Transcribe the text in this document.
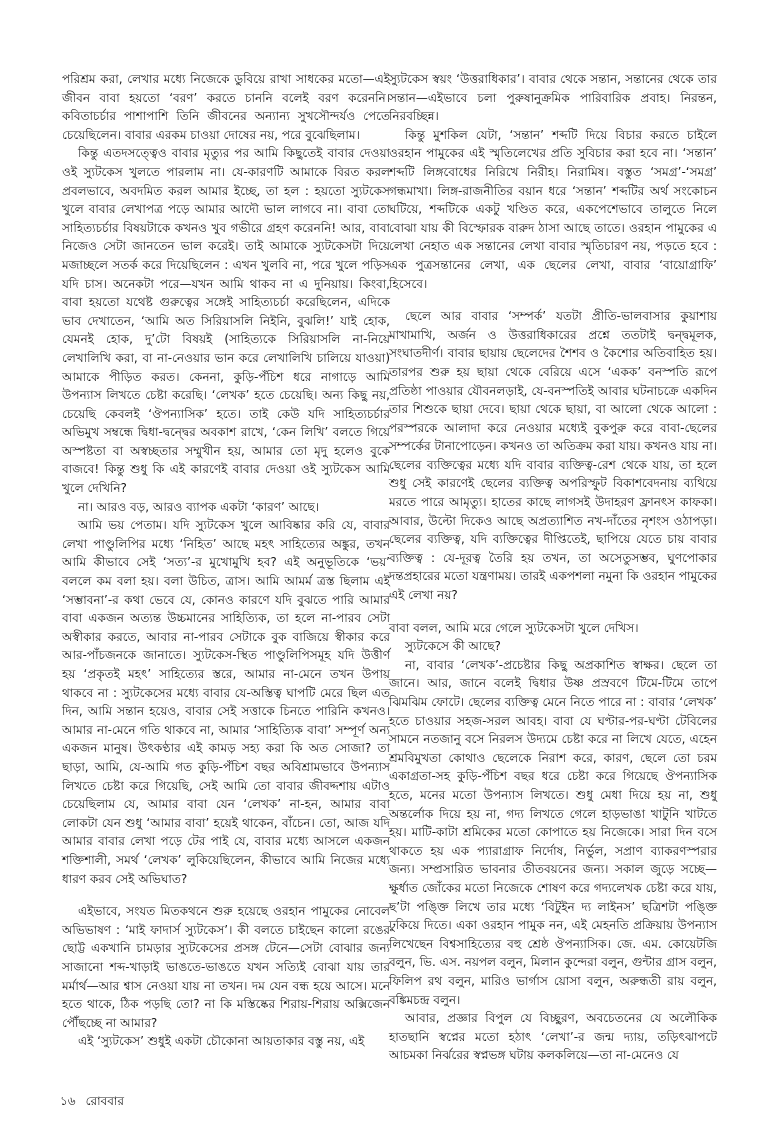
পরিশ্রম করা, লেখার মধ্যে নিজেকে ডুবিয়ে রাখা সাধকের মতো—এই জীবন বাবা হয়তো ‘বরণ’ করতে চাননি বলেই বরণ করেননি। কবিতাচর্চার পাশাপাশি তিনি জীবনের অন্যান্য সুখসৌন্দর্যও পেতে চেয়েছিলেন। বাবার এরকম চাওয়া দোষের নয়, পরে বুঝেছিলাম।

কিন্তু এতদসত্ত্বেও বাবার মৃত্যুর পর আমি কিছুতেই বাবার দেওয়া ওই স্যুটকেস খুলতে পারলাম না। যে-কারণটি আমাকে বিরত করল প্রবলভাবে, অবদমিত করল আমার ইচ্ছে, তা হল : হয়তো স্যুটকেস খুলে বাবার লেখাপত্র পড়ে আমার আদৌ ভাল লাগবে না। বাবা তো সাহিত্যচর্চার বিষয়টাকে কখনও খুব গভীরে গ্রহণ করেননি! আর, বাবা নিজেও সেটা জানতেন ভাল করেই। তাই আমাকে স্যুটকেসটা দিয়ে মজাচ্ছলে সতর্ক করে দিয়েছিলেন : এখন খুলবি না, পরে খুলে পড়িস যদি চাস। অনেকটা পরে—যখন আমি থাকব না এ দুনিয়ায়। কিংবা, বাবা হয়তো যথেষ্ট গুরুত্বের সঙ্গেই সাহিত্যচর্চা করেছিলেন, এদিকে ভাব দেখাতেন, ‘আমি অত সিরিয়াসলি নিইনি, বুঝলি!’ যাই হোক, যেমনই হোক, দু’টো বিষয়ই (সাহিত্যকে সিরিয়াসলি না-নিয়ে লেখালিখি করা, বা না-নেওয়ার ভান করে লেখালিখি চালিয়ে যাওয়া) আমাকে পীড়িত করত। কেননা, কুড়ি-পঁচিশ ধরে নাগাড়ে আমি উপন্যাস লিখতে চেষ্টা করেছি। ‘লেখক’ হতে চেয়েছি। অন্য কিছু নয়, চেয়েছি কেবলই ‘ঔপন্যাসিক’ হতে। তাই কেউ যদি সাহিত্যচর্চার অভিমুখ সম্বন্ধে দ্বিধা-দ্বন্দ্বের অবকাশ রাখে, ‘কেন লিখি’ বলতে গিয়ে অস্পষ্টতা বা অস্বচ্ছতার সম্মুখীন হয়, আমার তো মৃদু হলেও বুকে বাজবে! কিন্তু শুধু কি এই কারণেই বাবার দেওয়া ওই স্যুটকেস আমি খুলে দেখিনি?

না। আরও বড়, আরও ব্যাপক একটা ‘কারণ’ আছে।

আমি ভয় পেতাম। যদি স্যুটকেস খুলে আবিষ্কার করি যে, বাবার লেখা পাণ্ডুলিপির মধ্যে ‘নিহিত’ আছে মহৎ সাহিত্যের অঙ্কুর, তখন আমি কীভাবে সেই ‘সত্য’-র মুখোমুখি হব? এই অনুভূতিকে ‘ভয়’ বললে কম বলা হয়। বলা উচিত, ত্রাস। আমি আমর্ম ত্রস্ত ছিলাম এই ‘সম্ভাবনা’-র কথা ভেবে যে, কোনও কারণে যদি বুঝতে পারি আমার বাবা একজন অত্যন্ত উচ্চমানের সাহিত্যিক, তা হলে না-পারব সেটা অস্বীকার করতে, আবার না-পারব সেটাকে বুক বাজিয়ে স্বীকার করে আর-পাঁচজনকে জানাতে। স্যুটকেস-স্থিত পাণ্ডুলিপিসমূহ যদি উত্তীর্ণ হয় ‘প্রকৃতই মহৎ’ সাহিত্যের স্তরে, আমার না-মেনে তখন উপায় থাকবে না : স্যুটকেসের মধ্যে বাবার যে-অস্তিত্ব ঘাপটি মেরে ছিল এত দিন, আমি সন্তান হয়েও, বাবার সেই সত্তাকে চিনতে পারিনি কখনও। আমার না-মেনে গতি থাকবে না, আমার ‘সাহিত্যিক বাবা’ সম্পূর্ণ অন্য একজন মানুষ। উৎকণ্ঠার এই কামড় সহ্য করা কি অত সোজা? তা ছাড়া, আমি, যে-আমি গত কুড়ি-পঁচিশ বছর অবিশ্রামভাবে উপন্যাস লিখতে চেষ্টা করে গিয়েছি, সেই আমি তো বাবার জীবদ্দশায় এটাও চেয়েছিলাম যে, আমার বাবা যেন ‘লেখক’ না-হন, আমার বাবা লোকটা যেন শুধু ‘আমার বাবা’ হয়েই থাকেন, বাঁচেন। তো, আজ যদি আমার বাবার লেখা পড়ে টের পাই যে, বাবার মধ্যে আসলে একজন শক্তিশালী, সমর্থ ‘লেখক’ লুকিয়েছিলেন, কীভাবে আমি নিজের মধ্যে ধারণ করব সেই অভিঘাত?

এইভাবে, সংযত মিতকথনে শুরু হয়েছে ওরহান পামুকের নোবেল অভিভাষণ : ‘মাই ফাদার্স স্যুটকেস’। কী বলতে চাইছেন কালো রঙের ছোট্ট একখানি চামড়ার স্যুটকেসের প্রসঙ্গ টেনে—সেটা বোঝার জন্য সাজানো শব্দ-খাড়াই ভাঙতে-ভাঙতে যখন সত্যিই বোঝা যায় তার মর্মার্থ—আর শ্বাস নেওয়া যায় না তখন। দম যেন বন্ধ হয়ে আসে। মনে হতে থাকে, ঠিক পড়ছি তো? না কি মস্তিষ্কের শিরায়-শিরায় অক্সিজেন পৌঁছচ্ছে না আমার?

এই ‘স্যুটকেস’ শুধুই একটা চৌকোনা আয়তাকার বস্তু নয়, এই

স্যুটকেস স্বয়ং ‘উত্তরাধিকার’। বাবার থেকে সন্তান, সন্তানের থেকে তার সন্তান—এইভাবে চলা পুরুষানুক্রমিক পারিবারিক প্রবাহ। নিরন্তন, নিরবচ্ছিন্ন।

কিন্তু মুশকিল যেটা, ‘সন্তান’ শব্দটি দিয়ে বিচার করতে চাইলে ওরহান পামুকের এই স্মৃতিলেখের প্রতি সুবিচার করা হবে না। ‘সন্তান’ শব্দটি লিঙ্গবোধের নিরিখে নিরীহ। নিরামিষ। বস্তুত ‘সমগ্র’-‘সমগ্র’ গন্ধমাখা। লিঙ্গ-রাজনীতির বয়ান ধরে ‘সন্তান’ শব্দটির অর্থ সংকোচন ঘটিয়ে, শব্দটিকে একটু খণ্ডিত করে, একপেশেভাবে তালুতে নিলে বোঝা যায় কী বিস্ফোরক বারুদ ঠাসা আছে তাতে। ওরহান পামুকের এ লেখা নেহাত এক সন্তানের লেখা বাবার স্মৃতিচারণ নয়, পড়তে হবে : এক পুত্রসন্তানের লেখা, এক ছেলের লেখা, বাবার ‘বায়োগ্রাফি’ হিসেবে।

ছেলে আর বাবার ‘সম্পর্ক’ যতটা প্রীতি-ভালবাসার কুয়াশায় মাখামাখি, অর্জন ও উত্তরাধিকারের প্রশ্নে ততটাই দ্বন্দ্বমূলক, সংঘাতদীর্ণ। বাবার ছায়ায় ছেলেদের শৈশব ও কৈশোর অতিবাহিত হয়। তারপর শুরু হয় ছায়া থেকে বেরিয়ে এসে ‘একক’ বনস্পতি রূপে প্রতিষ্ঠা পাওয়ার যৌবনলড়াই, যে-বনস্পতিই আবার ঘটনাচক্রে একদিন তার শিশুকে ছায়া দেবে। ছায়া থেকে ছায়া, বা আলো থেকে আলো : পরস্পরকে আলাদা করে নেওয়ার মধ্যেই বুকপুরু করে বাবা-ছেলের সম্পর্কের টানাপোড়েন। কখনও তা অতিক্রম করা যায়। কখনও যায় না। ছেলের ব্যক্তিত্বের মধ্যে যদি বাবার ব্যক্তিত্ব-রেশ থেকে যায়, তা হলে শুধু সেই কারণেই ছেলের ব্যক্তিত্ব অপরিস্ফুট বিকাশবেদনায় ব্যথিয়ে মরতে পারে আমৃত্যু। হাতের কাছে লাগসই উদাহরণ ফ্রানৎস কাফকা। আবার, উল্টো দিকেও আছে অপ্রত্যাশিত নখ-দাঁতের নৃশংস ওঠাপড়া। ছেলের ব্যক্তিত্ব, যদি ব্যক্তিত্বের দীপ্তিতেই, ছাপিয়ে যেতে চায় বাবার ব্যক্তিত্ব : যে-দূরত্ব তৈরি হয় তখন, তা অসেতুসম্ভব, ঘুণপোকার দন্তপ্রহারের মতো যন্ত্রণাময়। তারই একপশলা নমুনা কি ওরহান পামুকের এই লেখা নয়?

বাবা বলল, আমি মরে গেলে স্যুটকেসটা খুলে দেখিস।

স্যুটকেসে কী আছে?

না, বাবার ‘লেখক’-প্রচেষ্টার কিছু অপ্রকাশিত স্বাক্ষর। ছেলে তা জানে। আর, জানে বলেই দ্বিধার উষ্ণ প্রস্রবণে টিমে-টিমে তাপে ঝিমঝিম ফোটে। ছেলের ব্যক্তিত্ব মেনে নিতে পারে না : বাবার ‘লেখক’ হতে চাওয়ার সহজ-সরল আবহ। বাবা যে ঘণ্টার-পর-ঘণ্টা টেবিলের সামনে নতজানু বসে নিরলস উদ্যমে চেষ্টা করে না লিখে যেতে, এহেন শ্রমবিমুখতা কোথাও ছেলেকে নিরাশ করে, কারণ, ছেলে তো চরম একাগ্রতা-সহ কুড়ি-পঁচিশ বছর ধরে চেষ্টা করে গিয়েছে ঔপন্যাসিক হতে, মনের মতো উপন্যাস লিখতে। শুধু মেধা দিয়ে হয় না, শুধু অন্তর্লোক দিয়ে হয় না, গদ্য লিখতে গেলে হাড়ভাঙা খাটুনি খাটতে হয়। মাটি-কাটা শ্রমিকের মতো কোপাতে হয় নিজেকে। সারা দিন বসে থাকতে হয় এক প্যারাগ্রাফ নির্দোষ, নির্ভুল, সপ্রাণ ব্যাকরণস্পরার জন্য। সম্প্রসারিত ভাবনার তীতবয়নের জন্য। সকাল জুড়ে সচ্ছে—ক্ষুর্ধাত জোঁকের মতো নিজেকে শোষণ করে গদ্যলেখক চেষ্টা করে যায়, ছ’টা পঙ্ক্তি লিখে তার মধ্যে ‘বিটুইন দ্য লাইনস’ ছত্রিশটা পঙ্ক্তি ঢুকিয়ে দিতে। একা ওরহান পামুক নন, এই মেহনতি প্রক্রিয়ায় উপন্যাস লিখেছেন বিশ্বসাহিত্যের বহু শ্রেষ্ঠ ঔপন্যাসিক। জে. এম. কোয়েটজি বলুন, ভি. এস. নয়পল বলুন, মিলান কুন্দেরা বলুন, গুন্টার গ্রাস বলুন, ফিলিপ রথ বলুন, মারিও ভার্গাস য়োসা বলুন, অরুন্ধতী রায় বলুন, বঙ্কিমচন্দ্র বলুন।

আবার, প্রজ্ঞার বিপুল যে বিচ্ছুরণ, অবচেতনের যে অলৌকিক হাতছানি স্বপ্নের মতো হঠাৎ ‘লেখা’-র জন্ম দ্যায়, তড়িৎঝাপটে আচমকা নির্ঝরের স্বপ্নভঙ্গ ঘটায় কলকলিয়ে—তা না-মেনেও যে

১৬ রোববার
